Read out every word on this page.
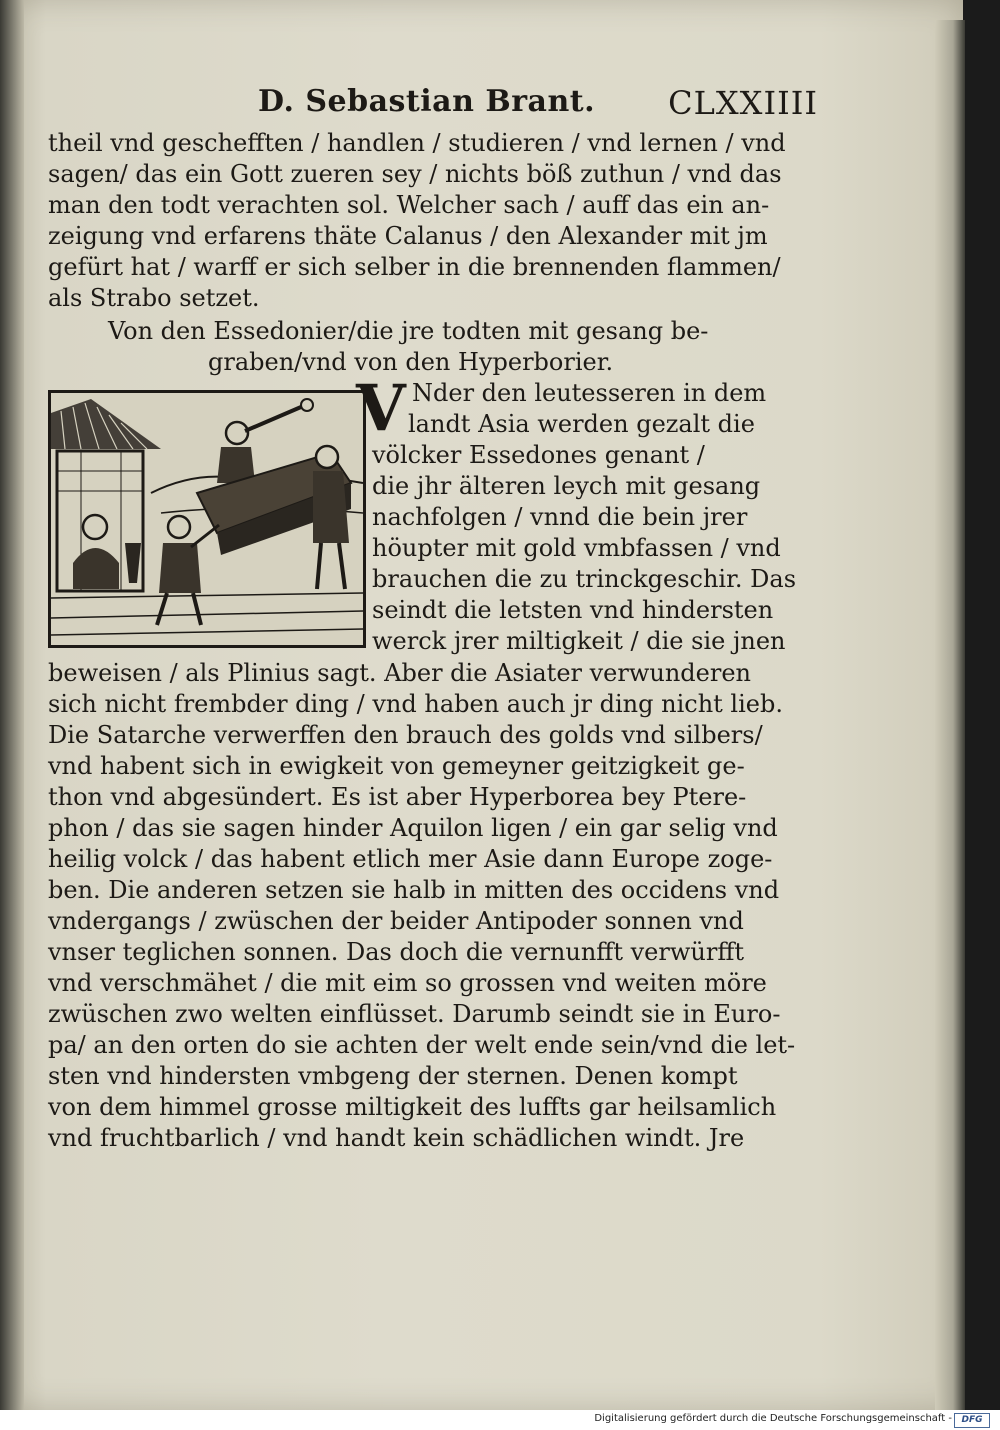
D. Sebastian Brant. CLXXIIII
theil vnd geschefften / handlen / studieren / vnd lernen / vnd
sagen/ das ein Gott zueren sey / nichts böß zuthun / vnd das
man den todt verachten sol. Welcher sach / auff das ein an-
zeigung vnd erfarens thäte Calanus / den Alexander mit jm
gefürt hat / warff er sich selber in die brennenden flammen/
als Strabo setzet.
Von den Essedonier/die jre todten mit gesang be-
graben/vnd von den Hyperborier.
V Nder den leutesseren in dem
landt Asia werden gezalt die
völcker Essedones genant /
die jhr älteren leych mit gesang
nachfolgen / vnnd die bein jrer
höupter mit gold vmbfassen / vnd
brauchen die zu trinckgeschir. Das
seindt die letsten vnd hindersten
werck jrer miltigkeit / die sie jnen
beweisen / als Plinius sagt. Aber die Asiater verwunderen
sich nicht frembder ding / vnd haben auch jr ding nicht lieb.
Die Satarche verwerffen den brauch des golds vnd silbers/
vnd habent sich in ewigkeit von gemeyner geitzigkeit ge-
thon vnd abgesündert. Es ist aber Hyperborea bey Ptere-
phon / das sie sagen hinder Aquilon ligen / ein gar selig vnd
heilig volck / das habent etlich mer Asie dann Europe zoge-
ben. Die anderen setzen sie halb in mitten des occidens vnd
vndergangs / zwüschen der beider Antipoder sonnen vnd
vnser teglichen sonnen. Das doch die vernunfft verwürfft
vnd verschmähet / die mit eim so grossen vnd weiten möre
zwüschen zwo welten einflüsset. Darumb seindt sie in Euro-
pa/ an den orten do sie achten der welt ende sein/vnd die let-
sten vnd hindersten vmbgeng der sternen. Denen kompt
von dem himmel grosse miltigkeit des luffts gar heilsamlich
vnd fruchtbarlich / vnd handt kein schädlichen windt. Jre
Digitalisierung gefördert durch die Deutsche Forschungsgemeinschaft -	DFG
